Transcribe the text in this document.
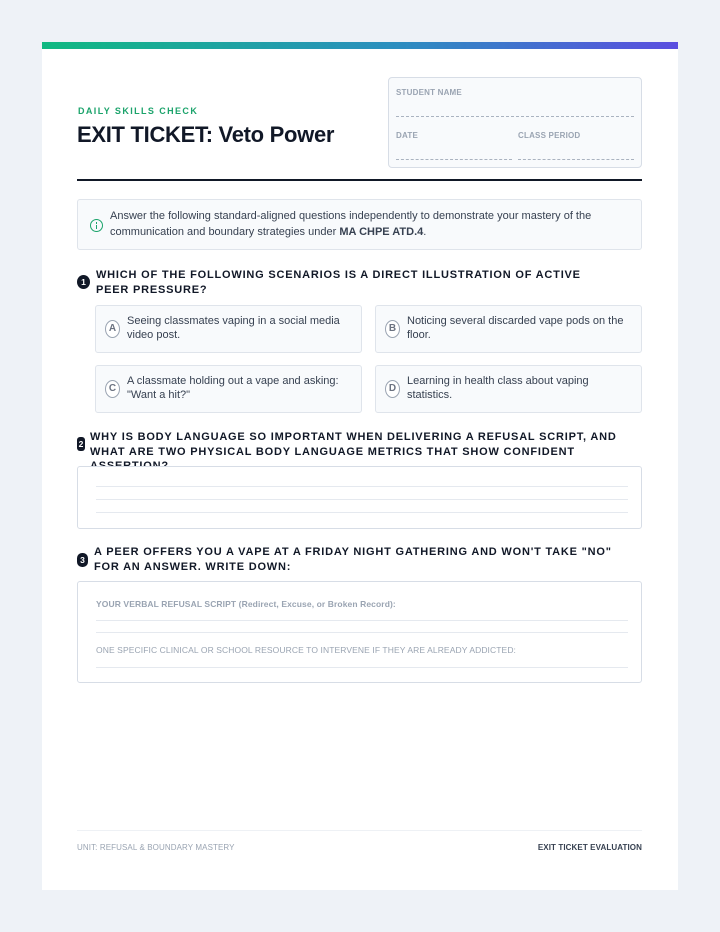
DAILY SKILLS CHECK
EXIT TICKET: Veto Power
STUDENT NAME
DATE	CLASS PERIOD
Answer the following standard-aligned questions independently to demonstrate your mastery of the communication and boundary strategies under MA CHPE ATD.4.
1
WHICH OF THE FOLLOWING SCENARIOS IS A DIRECT ILLUSTRATION OF ACTIVE PEER PRESSURE?
A
Seeing classmates vaping in a social media video post.
B
Noticing several discarded vape pods on the floor.
C
A classmate holding out a vape and asking: "Want a hit?"
D
Learning in health class about vaping statistics.
2
WHY IS BODY LANGUAGE SO IMPORTANT WHEN DELIVERING A REFUSAL SCRIPT, AND WHAT ARE TWO PHYSICAL BODY LANGUAGE METRICS THAT SHOW CONFIDENT
3
A PEER OFFERS YOU A VAPE AT A FRIDAY NIGHT GATHERING AND WON'T TAKE "NO" FOR AN ANSWER. WRITE DOWN:
YOUR VERBAL REFUSAL SCRIPT (Redirect, Excuse, or Broken Record):
ONE SPECIFIC CLINICAL OR SCHOOL RESOURCE TO INTERVENE IF THEY ARE ALREADY ADDICTED:
UNIT: REFUSAL & BOUNDARY MASTERY	EXIT TICKET EVALUATION
